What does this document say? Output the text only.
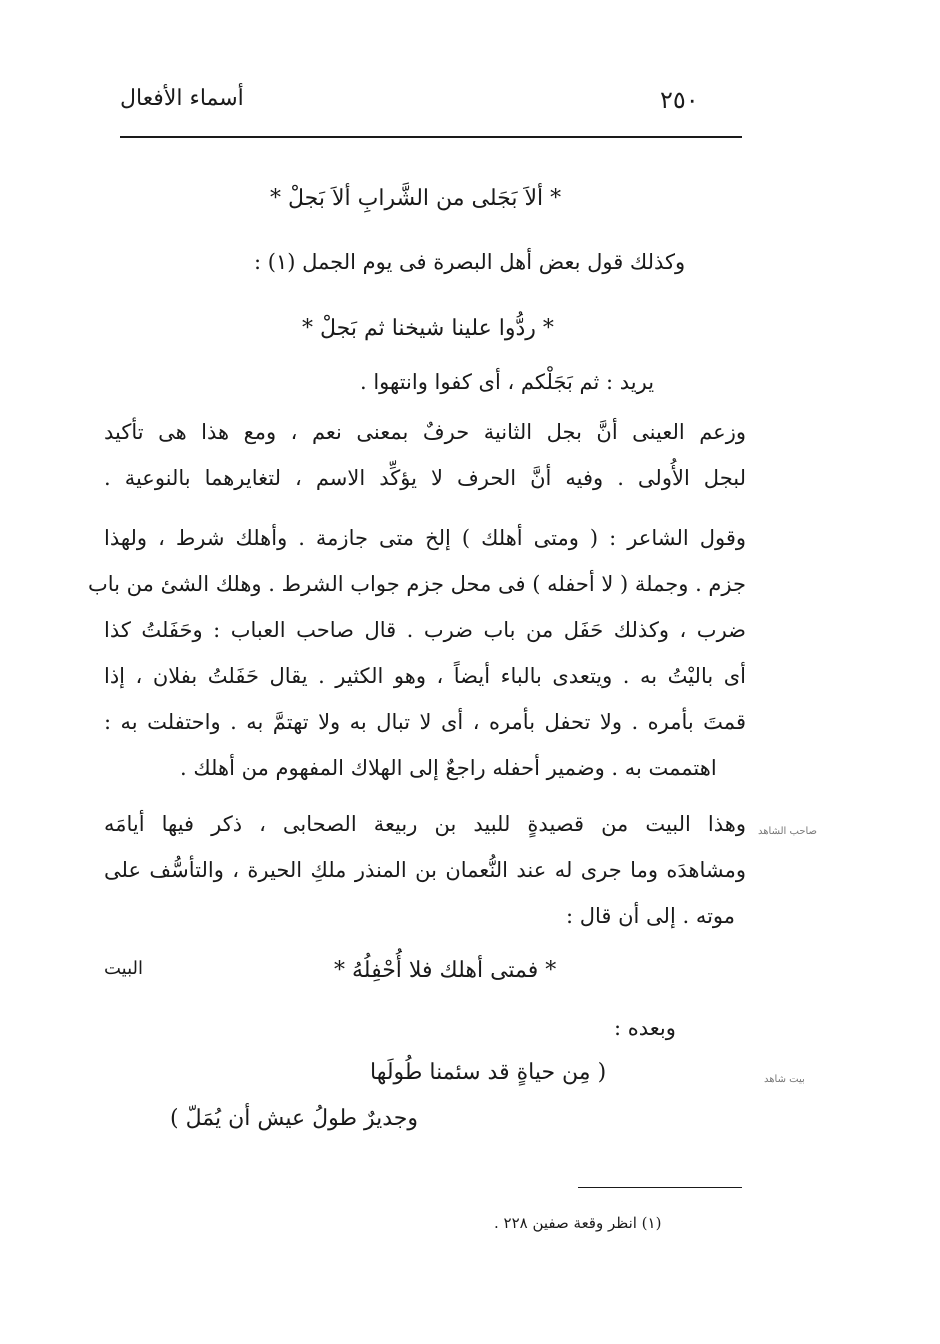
٢٥٠
أسماء الأفعال
* ألاَ بَجَلى من الشَّرابِ ألاَ بَجلْ *
وكذلك قول بعض أهل البصرة فى يوم الجمل (١) :
* ردُّوا علينا شيخنا ثم بَجلْ *
يريد : ثم بَجَلْكم ، أى كفوا وانتهوا .
وزعم العينى أنَّ بجل الثانية حرفٌ بمعنى نعم ، ومع هذا هى تأكيد
لبجل الأُولى . وفيه أنَّ الحرف لا يؤكِّد الاسم ، لتغايرهما بالنوعية .
وقول الشاعر : ( ومتى أهلك ) إلخ متى جازمة . وأهلك شرط ، ولهذا
جزم . وجملة ( لا أحفله ) فى محل جزم جواب الشرط . وهلك الشئ من باب
ضرب ، وكذلك حَفَل من باب ضرب . قال صاحب العباب : وحَفَلتُ كذا
أى باليْتُ به . ويتعدى بالباء أيضاً ، وهو الكثير . يقال حَفَلتُ بفلان ، إذا
قمتَ بأمره . ولا تحفل بأمره ، أى لا تبال به ولا تهتمَّ به . واحتفلت به :
اهتممت به . وضمير أحفله راجعٌ إلى الهلاك المفهوم من أهلك .
صاحب الشاهد
وهذا البيت من قصيدةٍ للبيد بن ربيعة الصحابى ، ذكر فيها أيامَه
ومشاهدَه وما جرى له عند النُّعمان بن المنذر ملكِ الحيرة ، والتأسُّف على
موته . إلى أن قال :
البيت	* فمتى أهلك فلا أُحْفِلُهُ *
وبعده :
بيت شاهد
( مِن حياةٍ قد سئمنا طُولَها
وجديرٌ طولُ عيش أن يُمَلّ )
(١) انظر وقعة صفين ٢٢٨ .
